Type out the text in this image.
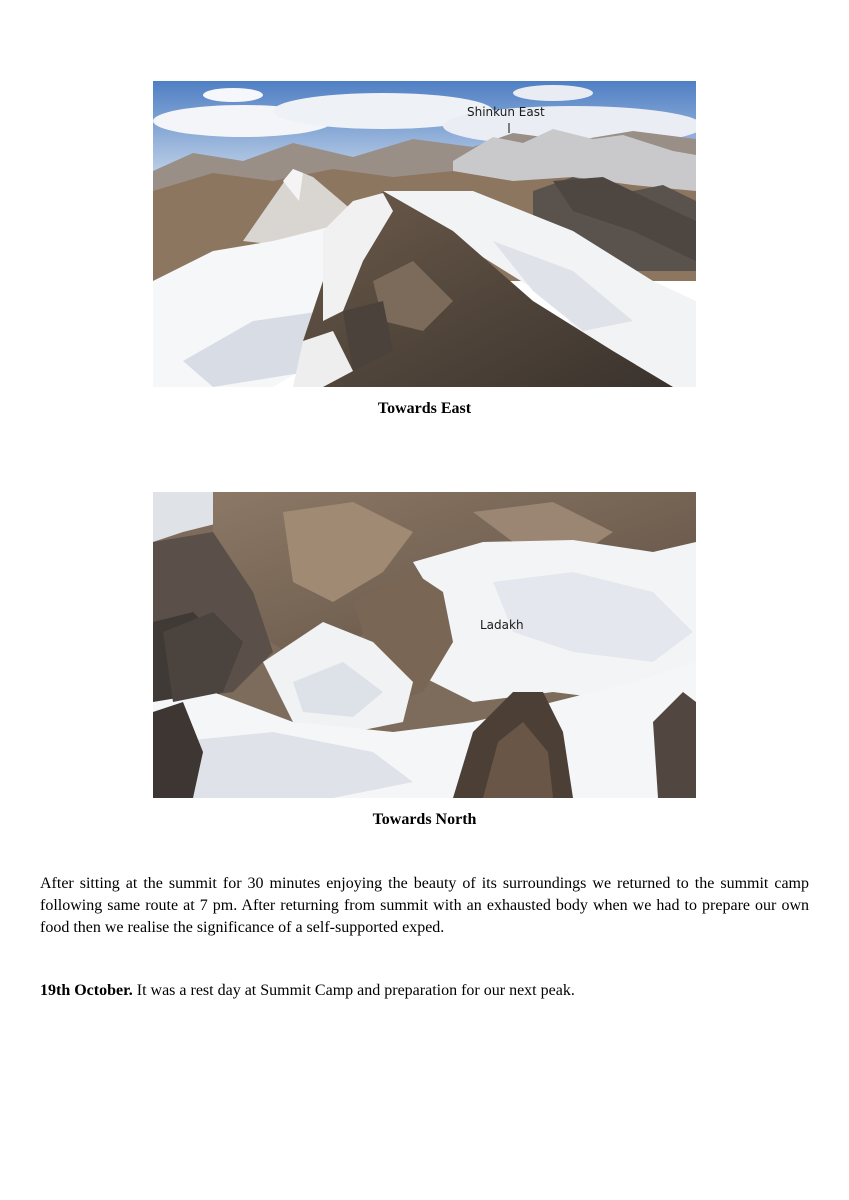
Shinkun East
Towards East
Ladakh
Towards North

After sitting at the summit for 30 minutes enjoying the beauty of its surroundings we returned to the summit camp following same route at 7 pm. After returning from summit with an exhausted body when we had to prepare our own food then we realise the significance of a self-supported exped.

19th October. It was a rest day at Summit Camp and preparation for our next peak.
